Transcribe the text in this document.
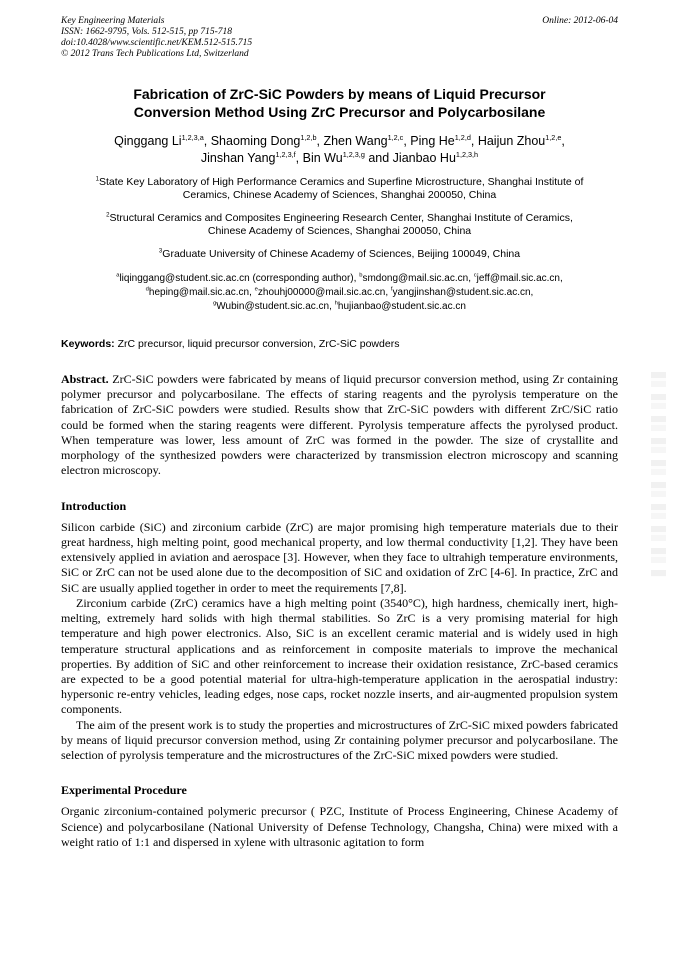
Key Engineering Materials
ISSN: 1662-9795, Vols. 512-515, pp 715-718
doi:10.4028/www.scientific.net/KEM.512-515.715
© 2012 Trans Tech Publications Ltd, Switzerland
Online: 2012-06-04
Fabrication of ZrC-SiC Powders by means of Liquid Precursor Conversion Method Using ZrC Precursor and Polycarbosilane

Qinggang Li$^{1,2,3,a}$, Shaoming Dong$^{1,2,b}$, Zhen Wang$^{1,2,c}$, Ping He$^{1,2,d}$, Haijun Zhou$^{1,2,e}$, Jinshan Yang$^{1,2,3,f}$, Bin Wu$^{1,2,3,g}$ and Jianbao Hu$^{1,2,3,h}$

$^1$State Key Laboratory of High Performance Ceramics and Superfine Microstructure, Shanghai Institute of Ceramics, Chinese Academy of Sciences, Shanghai 200050, China

$^2$Structural Ceramics and Composites Engineering Research Center, Shanghai Institute of Ceramics, Chinese Academy of Sciences, Shanghai 200050, China

$^3$Graduate University of Chinese Academy of Sciences, Beijing 100049, China

$^a$liqinggang@student.sic.ac.cn (corresponding author), $^b$smdong@mail.sic.ac.cn, $^c$jeff@mail.sic.ac.cn, $^d$heping@mail.sic.ac.cn, $^e$zhouhj00000@mail.sic.ac.cn, $^f$yangjinshan@student.sic.ac.cn, $^g$Wubin@student.sic.ac.cn, $^h$hujianbao@student.sic.ac.cn

Keywords: ZrC precursor, liquid precursor conversion, ZrC-SiC powders

Abstract. ZrC-SiC powders were fabricated by means of liquid precursor conversion method, using Zr containing polymer precursor and polycarbosilane. The effects of staring reagents and the pyrolysis temperature on the fabrication of ZrC-SiC powders were studied. Results show that ZrC-SiC powders with different ZrC/SiC ratio could be formed when the staring reagents were different. Pyrolysis temperature affects the pyrolysed product. When temperature was lower, less amount of ZrC was formed in the powder. The size of crystallite and morphology of the synthesized powders were characterized by transmission electron microscopy and scanning electron microscopy.

Introduction

Silicon carbide (SiC) and zirconium carbide (ZrC) are major promising high temperature materials due to their great hardness, high melting point, good mechanical property, and low thermal conductivity [1,2]. They have been extensively applied in aviation and aerospace [3]. However, when they face to ultrahigh temperature environments, SiC or ZrC can not be used alone due to the decomposition of SiC and oxidation of ZrC [4-6]. In practice, ZrC and SiC are usually applied together in order to meet the requirements [7,8].

Zirconium carbide (ZrC) ceramics have a high melting point (3540°C), high hardness, chemically inert, high-melting, extremely hard solids with high thermal stabilities. So ZrC is a very promising material for high temperature and high power electronics. Also, SiC is an excellent ceramic material and is widely used in high temperature structural applications and as reinforcement in composite materials to improve the mechanical properties. By addition of SiC and other reinforcement to increase their oxidation resistance, ZrC-based ceramics are expected to be a good potential material for ultra-high-temperature application in the aerospatial industry: hypersonic re-entry vehicles, leading edges, nose caps, rocket nozzle inserts, and air-augmented propulsion system components.

The aim of the present work is to study the properties and microstructures of ZrC-SiC mixed powders fabricated by means of liquid precursor conversion method, using Zr containing polymer precursor and polycarbosilane. The selection of pyrolysis temperature and the microstructures of the ZrC-SiC mixed powders were studied.

Experimental Procedure

Organic zirconium-contained polymeric precursor ( PZC, Institute of Process Engineering, Chinese Academy of Science) and polycarbosilane (National University of Defense Technology, Changsha, China) were mixed with a weight ratio of 1:1 and dispersed in xylene with ultrasonic agitation to form
